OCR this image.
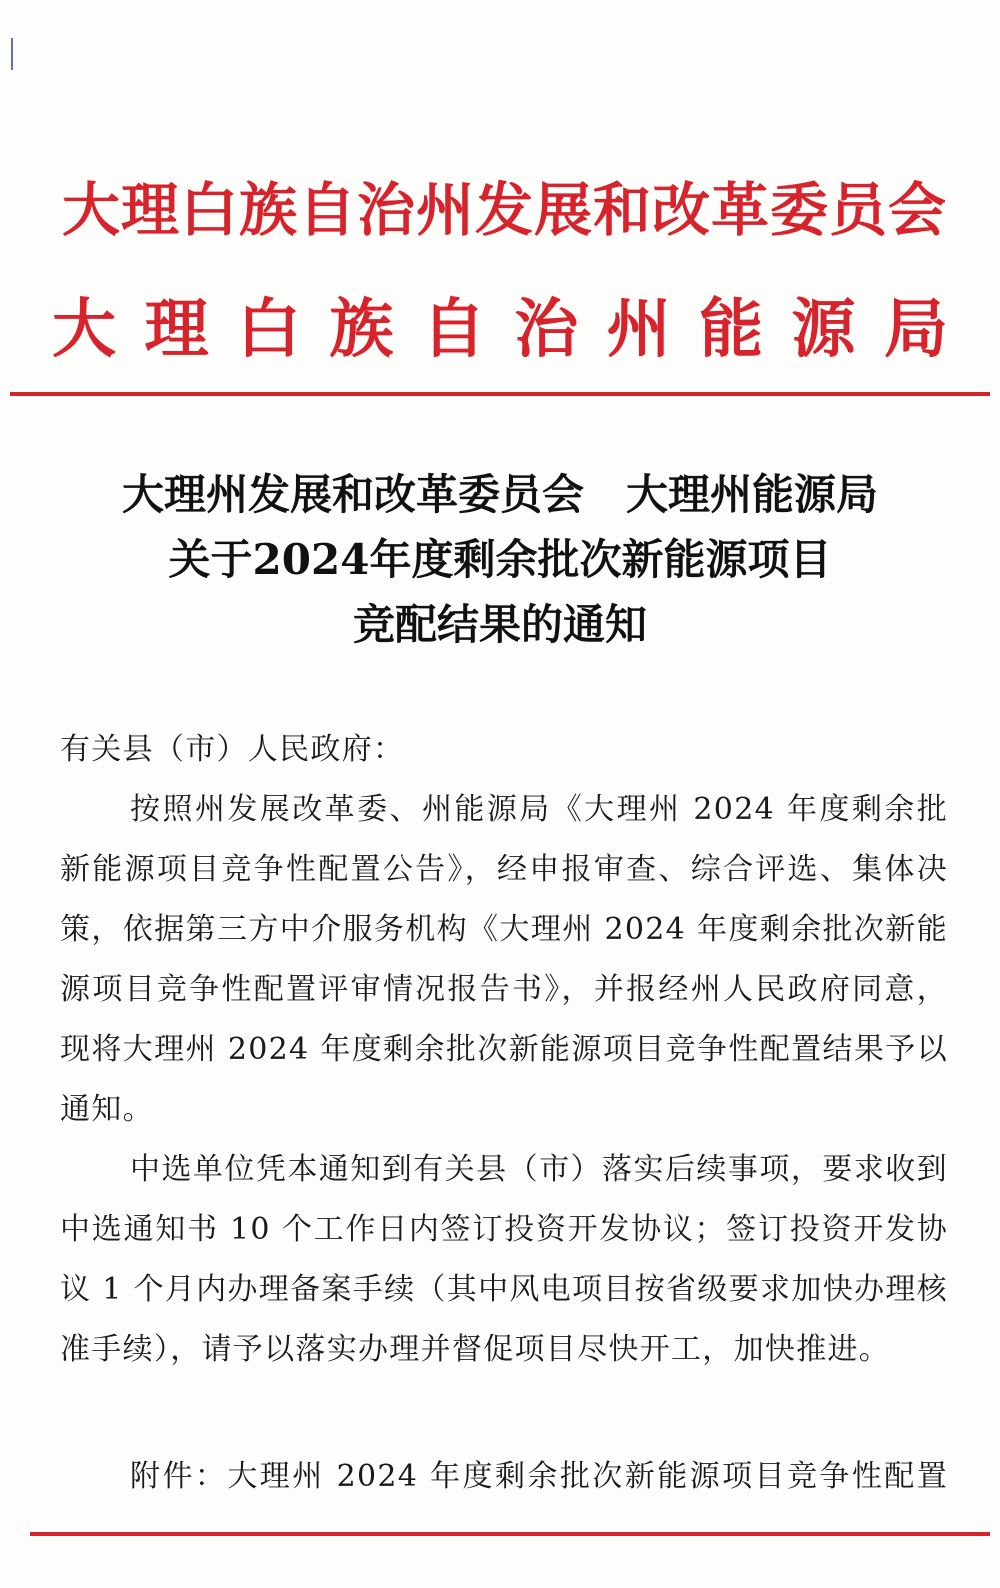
大理白族自治州发展和改革委员会
大理白族自治州能源局
大理州发展和改革委员会　大理州能源局
关于2024年度剩余批次新能源项目
竞配结果的通知
有关县（市）人民政府：
按照州发展改革委、州能源局《大理州 2024 年度剩余批
新能源项目竞争性配置公告》，经申报审查、综合评选、集体决
策，依据第三方中介服务机构《大理州 2024 年度剩余批次新能
源项目竞争性配置评审情况报告书》，并报经州人民政府同意，
现将大理州 2024 年度剩余批次新能源项目竞争性配置结果予以
通知。
中选单位凭本通知到有关县（市）落实后续事项，要求收到
中选通知书 10 个工作日内签订投资开发协议；签订投资开发协
议 1 个月内办理备案手续（其中风电项目按省级要求加快办理核
准手续），请予以落实办理并督促项目尽快开工，加快推进。
附件：大理州 2024 年度剩余批次新能源项目竞争性配置
